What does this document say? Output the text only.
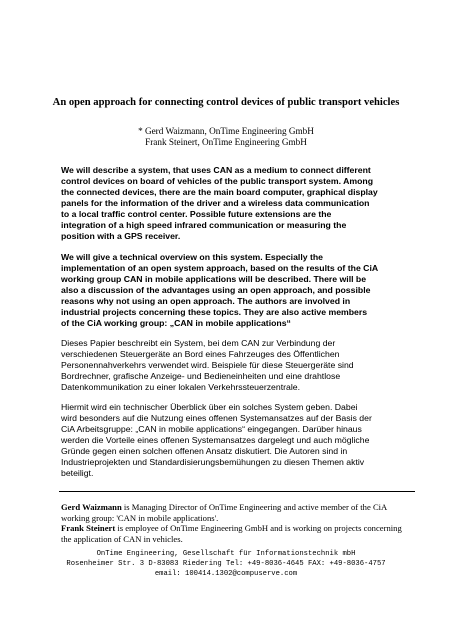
An open approach for connecting control devices of public transport vehicles
* Gerd Waizmann, OnTime Engineering GmbH
Frank Steinert, OnTime Engineering GmbH
We will describe a system, that uses CAN as a medium to connect different
control devices on board of vehicles of the public transport system. Among
the connected devices, there are the main board computer, graphical display
panels for the information of the driver and a wireless data communication
to a local traffic control center. Possible future extensions are the
integration of a high speed infrared communication or measuring the
position with a GPS receiver.
We will give a technical overview on this system. Especially the
implementation of an open system approach, based on the results of the CiA
working group CAN in mobile applications will be described. There will be
also a discussion of the advantages using an open approach, and possible
reasons why not using an open approach. The authors are involved in
industrial projects concerning these topics. They are also active members
of the CiA working group: „CAN in mobile applications“
Dieses Papier beschreibt ein System, bei dem CAN zur Verbindung der
verschiedenen Steuergeräte an Bord eines Fahrzeuges des Öffentlichen
Personennahverkehrs verwendet wird. Beispiele für diese Steuergeräte sind
Bordrechner, grafische Anzeige- und Bedieneinheiten und eine drahtlose
Datenkommunikation zu einer lokalen Verkehrssteuerzentrale.
Hiermit wird ein technischer Überblick über ein solches System geben. Dabei
wird besonders auf die Nutzung eines offenen Systemansatzes auf der Basis der
CiA Arbeitsgruppe: „CAN in mobile applications“ eingegangen. Darüber hinaus
werden die Vorteile eines offenen Systemansatzes dargelegt und auch mögliche
Gründe gegen einen solchen offenen Ansatz diskutiert. Die Autoren sind in
Industrieprojekten und Standardisierungsbemühungen zu diesen Themen aktiv
beteiligt.
Gerd Waizmann is Managing Director of OnTime Engineering and active member of the CiA
working group: 'CAN in mobile applications'.
Frank Steinert is employee of OnTime Engineering GmbH and is working on projects concerning
the application of CAN in vehicles.
OnTime Engineering, Gesellschaft für Informationstechnik mbH
Rosenheimer Str. 3 D-83083 Riedering Tel: +49-8036-4645 FAX: +49-8036-4757
email: 100414.1302@compuserve.com
